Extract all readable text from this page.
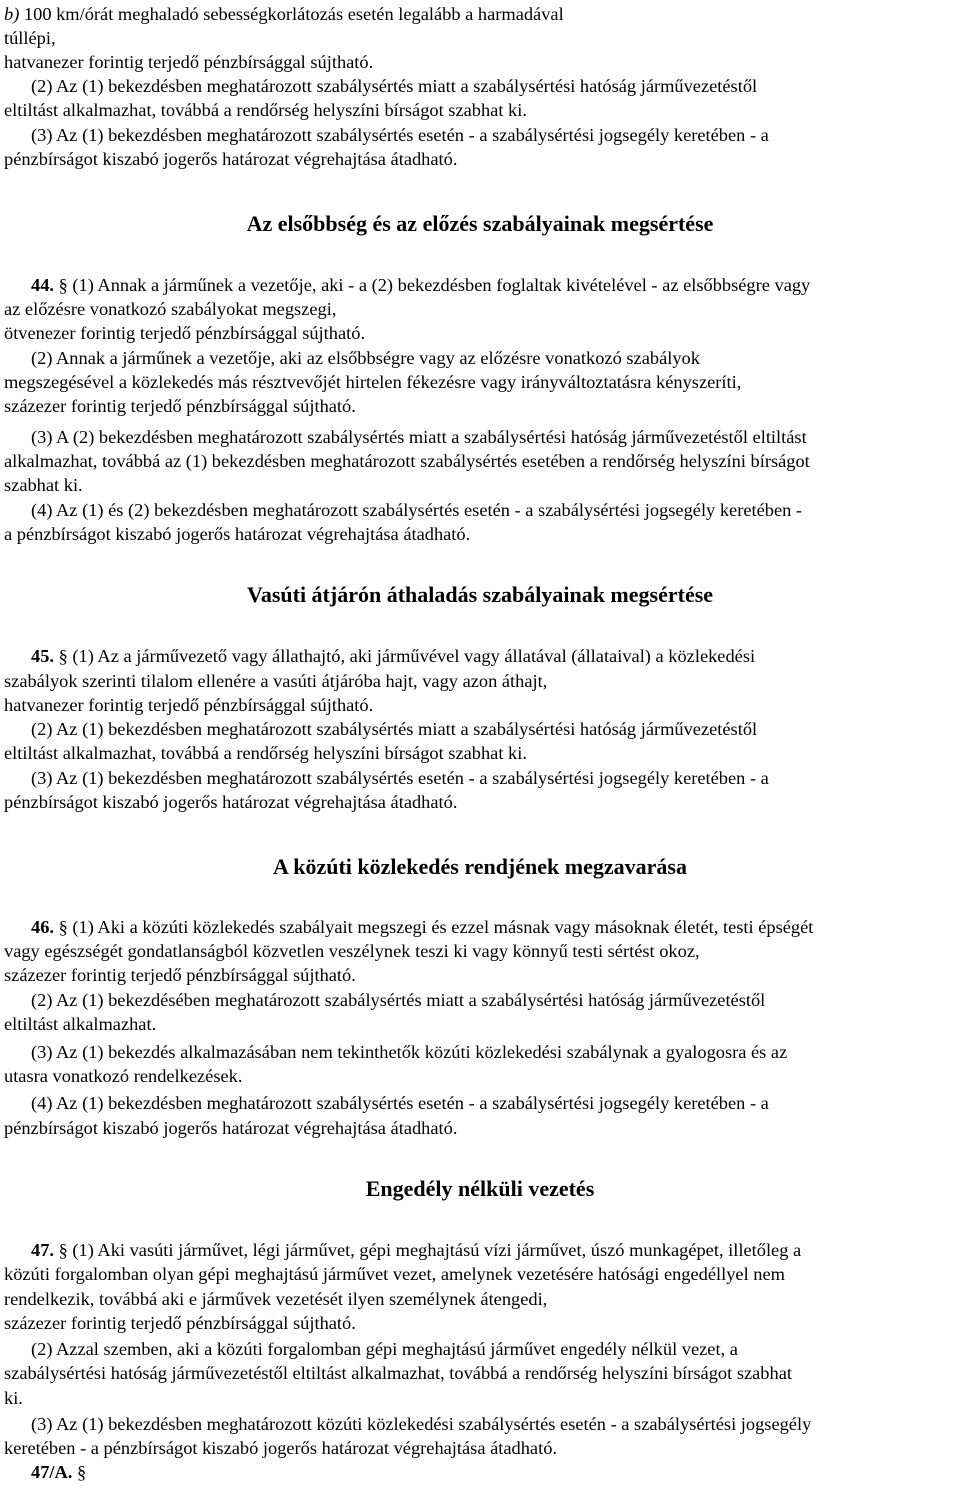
b) 100 km/órát meghaladó sebességkorlátozás esetén legalább a harmadával
túllépi,
hatvanezer forintig terjedő pénzbírsággal sújtható.
(2) Az (1) bekezdésben meghatározott szabálysértés miatt a szabálysértési hatóság járművezetéstől
eltiltást alkalmazhat, továbbá a rendőrség helyszíni bírságot szabhat ki.
(3) Az (1) bekezdésben meghatározott szabálysértés esetén - a szabálysértési jogsegély keretében - a
pénzbírságot kiszabó jogerős határozat végrehajtása átadható.
Az elsőbbség és az előzés szabályainak megsértése
44. § (1) Annak a járműnek a vezetője, aki - a (2) bekezdésben foglaltak kivételével - az elsőbbségre vagy
az előzésre vonatkozó szabályokat megszegi,
ötvenezer forintig terjedő pénzbírsággal sújtható.
(2) Annak a járműnek a vezetője, aki az elsőbbségre vagy az előzésre vonatkozó szabályok
megszegésével a közlekedés más résztvevőjét hirtelen fékezésre vagy irányváltoztatásra kényszeríti,
százezer forintig terjedő pénzbírsággal sújtható.
(3) A (2) bekezdésben meghatározott szabálysértés miatt a szabálysértési hatóság járművezetéstől eltiltást
alkalmazhat, továbbá az (1) bekezdésben meghatározott szabálysértés esetében a rendőrség helyszíni bírságot
szabhat ki.
(4) Az (1) és (2) bekezdésben meghatározott szabálysértés esetén - a szabálysértési jogsegély keretében -
a pénzbírságot kiszabó jogerős határozat végrehajtása átadható.
Vasúti átjárón áthaladás szabályainak megsértése
45. § (1) Az a járművezető vagy állathajtó, aki járművével vagy állatával (állataival) a közlekedési
szabályok szerinti tilalom ellenére a vasúti átjáróba hajt, vagy azon áthajt,
hatvanezer forintig terjedő pénzbírsággal sújtható.
(2) Az (1) bekezdésben meghatározott szabálysértés miatt a szabálysértési hatóság járművezetéstől
eltiltást alkalmazhat, továbbá a rendőrség helyszíni bírságot szabhat ki.
(3) Az (1) bekezdésben meghatározott szabálysértés esetén - a szabálysértési jogsegély keretében - a
pénzbírságot kiszabó jogerős határozat végrehajtása átadható.
A közúti közlekedés rendjének megzavarása
46. § (1) Aki a közúti közlekedés szabályait megszegi és ezzel másnak vagy másoknak életét, testi épségét
vagy egészségét gondatlanságból közvetlen veszélynek teszi ki vagy könnyű testi sértést okoz,
százezer forintig terjedő pénzbírsággal sújtható.
(2) Az (1) bekezdésében meghatározott szabálysértés miatt a szabálysértési hatóság járművezetéstől
eltiltást alkalmazhat.
(3) Az (1) bekezdés alkalmazásában nem tekinthetők közúti közlekedési szabálynak a gyalogosra és az
utasra vonatkozó rendelkezések.
(4) Az (1) bekezdésben meghatározott szabálysértés esetén - a szabálysértési jogsegély keretében - a
pénzbírságot kiszabó jogerős határozat végrehajtása átadható.
Engedély nélküli vezetés
47. § (1) Aki vasúti járművet, légi járművet, gépi meghajtású vízi járművet, úszó munkagépet, illetőleg a
közúti forgalomban olyan gépi meghajtású járművet vezet, amelynek vezetésére hatósági engedéllyel nem
rendelkezik, továbbá aki e járművek vezetését ilyen személynek átengedi,
százezer forintig terjedő pénzbírsággal sújtható.
(2) Azzal szemben, aki a közúti forgalomban gépi meghajtású járművet engedély nélkül vezet, a
szabálysértési hatóság járművezetéstől eltiltást alkalmazhat, továbbá a rendőrség helyszíni bírságot szabhat
ki.
(3) Az (1) bekezdésben meghatározott közúti közlekedési szabálysértés esetén - a szabálysértési jogsegély
keretében - a pénzbírságot kiszabó jogerős határozat végrehajtása átadható.
47/A. §
